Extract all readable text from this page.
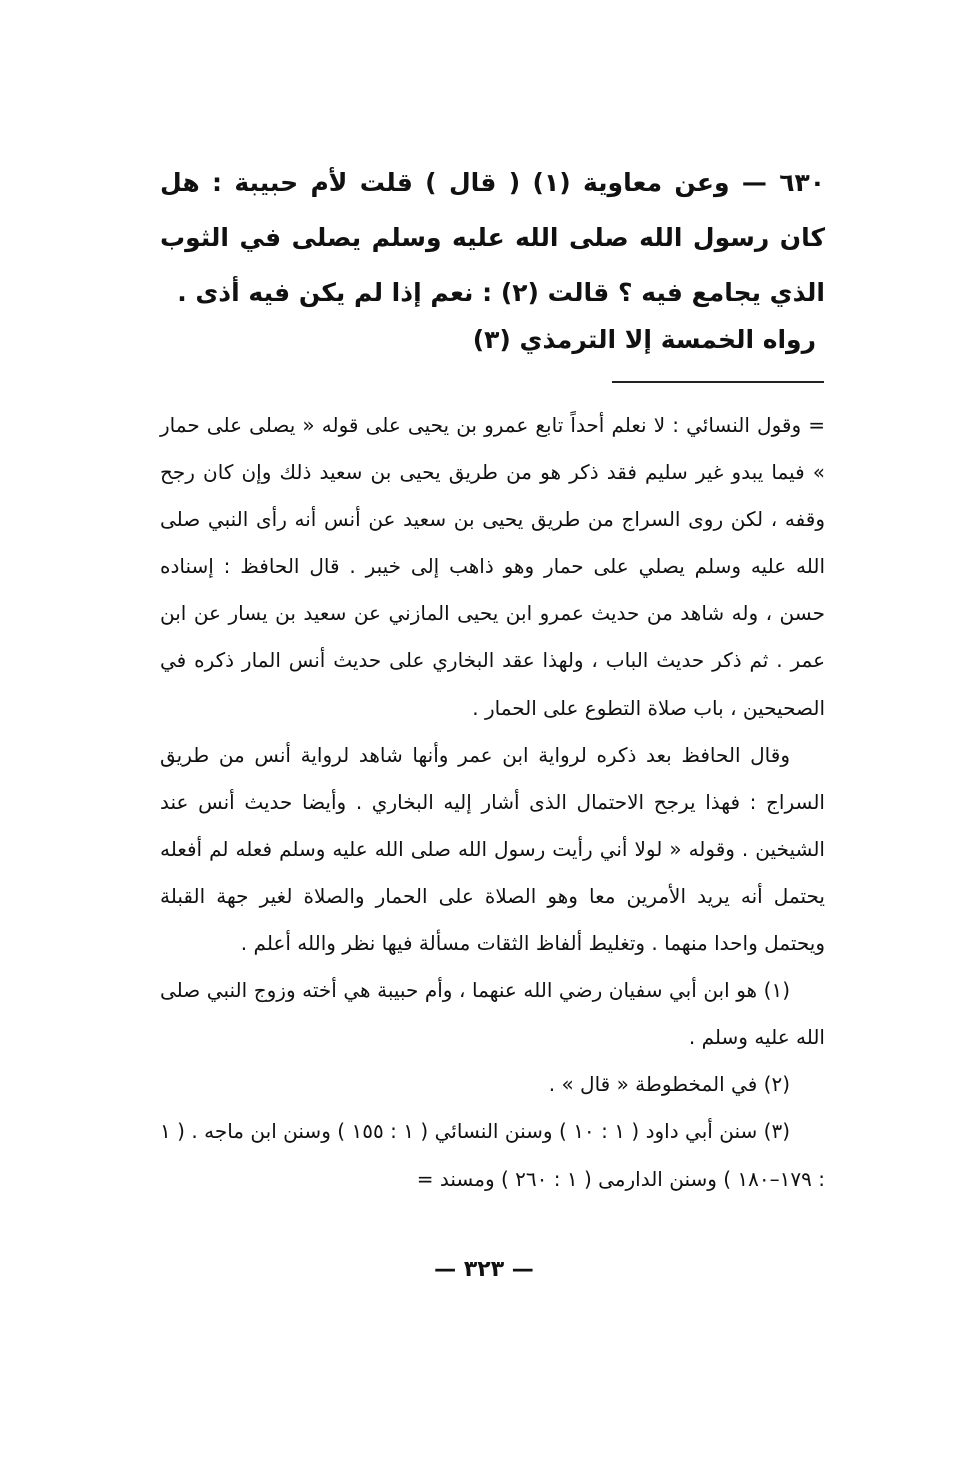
٦٣٠ — وعن معاوية (١) ( قال ) قلت لأم حبيبة : هل كان رسول الله صلى الله عليه وسلم يصلى في الثوب الذي يجامع فيه ؟ قالت (٢) : نعم إذا لم يكن فيه أذى .

رواه الخمسة إلا الترمذي (٣)

= وقول النسائي : لا نعلم أحداً تابع عمرو بن يحيى على قوله « يصلى على حمار » فيما يبدو غير سليم فقد ذكر هو من طريق يحيى بن سعيد ذلك وإن كان رجح وقفه ، لكن روى السراج من طريق يحيى بن سعيد عن أنس أنه رأى النبي صلى الله عليه وسلم يصلي على حمار وهو ذاهب إلى خيبر . قال الحافظ : إسناده حسن ، وله شاهد من حديث عمرو ابن يحيى المازني عن سعيد بن يسار عن ابن عمر . ثم ذكر حديث الباب ، ولهذا عقد البخاري على حديث أنس المار ذكره في الصحيحين ، باب صلاة التطوع على الحمار .

وقال الحافظ بعد ذكره لرواية ابن عمر وأنها شاهد لرواية أنس من طريق السراج : فهذا يرجح الاحتمال الذى أشار إليه البخاري . وأيضا حديث أنس عند الشيخين . وقوله « لولا أني رأيت رسول الله صلى الله عليه وسلم فعله لم أفعله يحتمل أنه يريد الأمرين معا وهو الصلاة على الحمار والصلاة لغير جهة القبلة ويحتمل واحدا منهما . وتغليط ألفاظ الثقات مسألة فيها نظر والله أعلم .

(١) هو ابن أبي سفيان رضي الله عنهما ، وأم حبيبة هي أخته وزوج النبي صلى الله عليه وسلم .

(٢) في المخطوطة « قال » .

(٣) سنن أبي داود ( ١ : ١٠ ) وسنن النسائي ( ١ : ١٥٥ ) وسنن ابن ماجه . ( ١ : ١٧٩–١٨٠ ) وسنن الدارمى ( ١ : ٢٦٠ ) ومسند =

— ٣٢٣ —
